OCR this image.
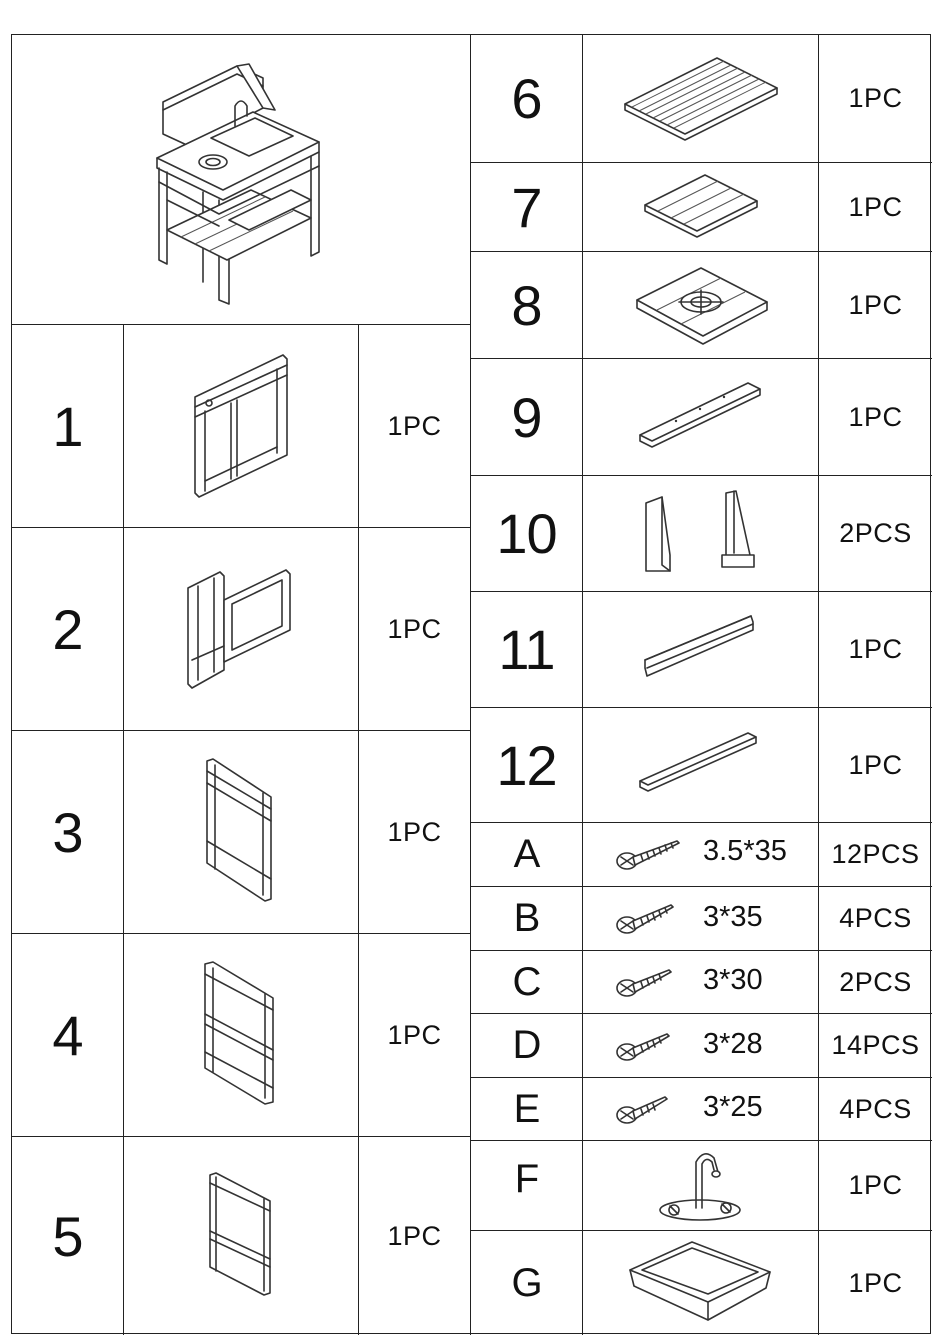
1	1PC
2	1PC
3	1PC
4	1PC
5	1PC
6	1PC
7	1PC
8	1PC
9	1PC
10	2PCS
11	1PC
12	1PC
A	3.5*35	12PCS
B	3*35	4PCS
C	3*30	2PCS
D	3*28	14PCS
E	3*25	4PCS
F	1PC
G	1PC
